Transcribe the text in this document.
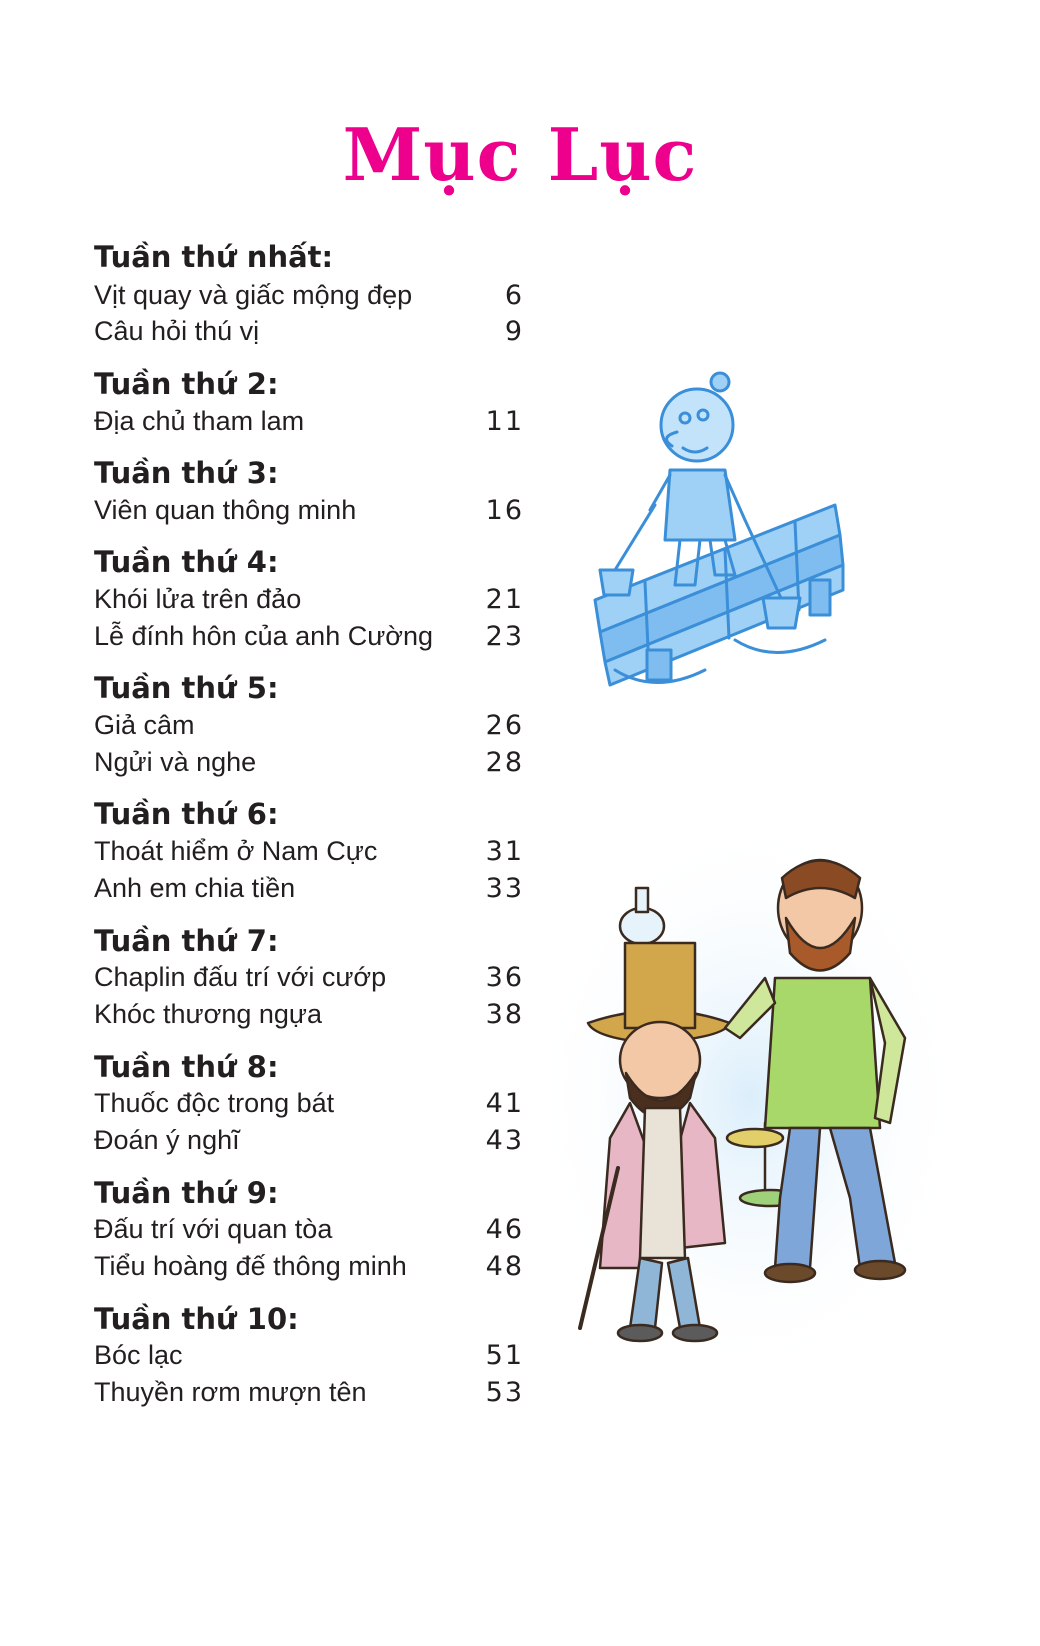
Mục Lục
Tuần thứ nhất:
Vịt quay và giấc mộng đẹp	6
Câu hỏi thú vị	9
Tuần thứ 2:
Địa chủ tham lam	11
Tuần thứ 3:
Viên quan thông minh	16
Tuần thứ 4:
Khói lửa trên đảo	21
Lễ đính hôn của anh Cường 23
Tuần thứ 5:
Giả câm	26
Ngửi và nghe	28
Tuần thứ 6:
Thoát hiểm ở Nam Cực	31
Anh em chia tiền	33
Tuần thứ 7:
Chaplin đấu trí với cướp	36
Khóc thương ngựa	38
Tuần thứ 8:
Thuốc độc trong bát	41
Đoán ý nghĩ	43
Tuần thứ 9:
Đấu trí với quan tòa	46
Tiểu hoàng đế thông minh	48
Tuần thứ 10:
Bóc lạc	51
Thuyền rơm mượn tên	53
